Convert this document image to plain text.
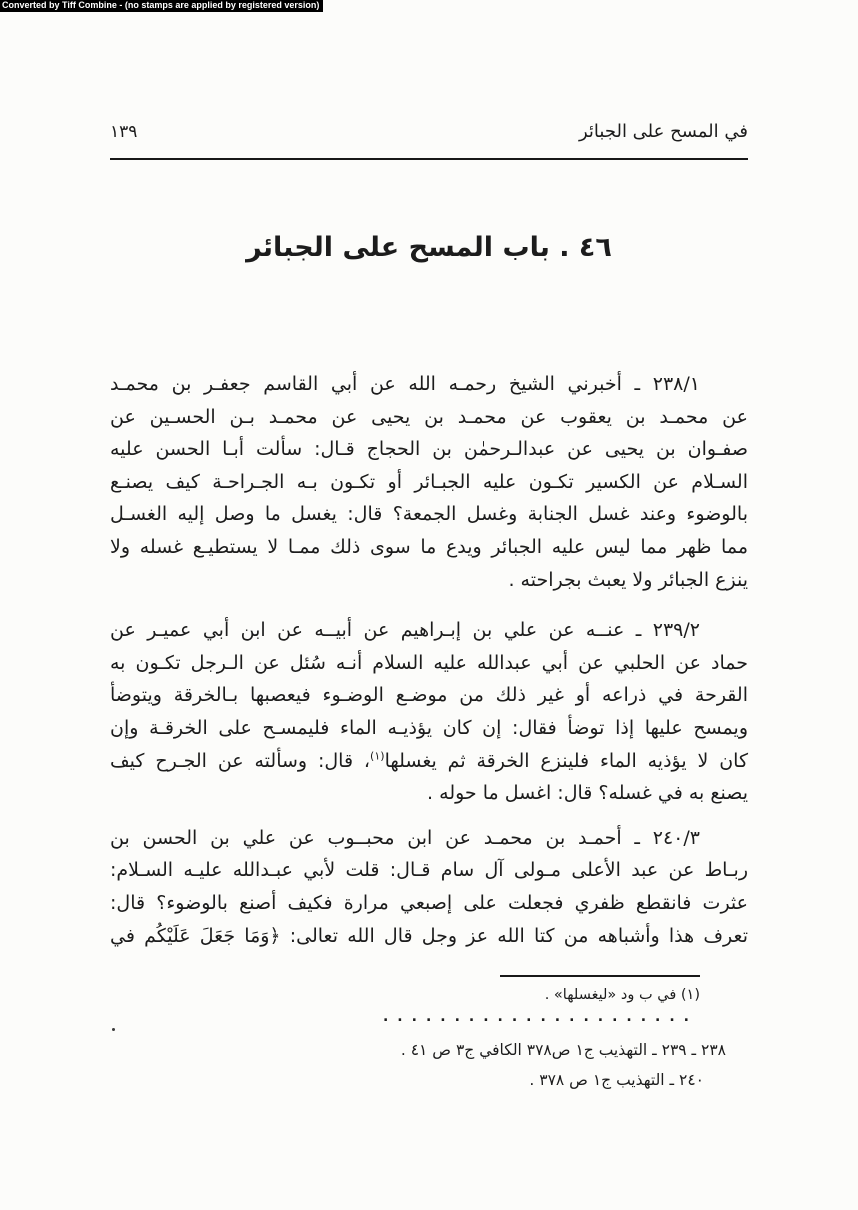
Converted by Tiff Combine - (no stamps are applied by registered version)
في المسح على الجبائر
١٣٩
٤٦ . باب المسح على الجبائر
٢٣٨/١ ـ أخبرني الشيخ رحمـه الله عن أبي القاسم جعفـر بن محمـد
عن محمـد بن يعقوب عن محمـد بن يحيى عن محمـد بـن الحسـين عن
صفـوان بن يحيى عن عبدالـرحمٰن بن الحجاج قـال: سألت أبـا الحسن عليه
السـلام عن الكسير تكـون عليه الجبـائر أو تكـون بـه الجـراحـة كيف يصنـع
بالوضوء وعند غسل الجنابة وغسل الجمعة؟ قال: يغسل ما وصل إليه الغسـل
مما ظهر مما ليس عليه الجبائر ويدع ما سوى ذلك ممـا لا يستطيـع غسله ولا
ينزع الجبائر ولا يعبث بجراحته .
٢٣٩/٢ ـ عنــه عن علي بن إبـراهيم عن أبيــه عن ابن أبي عميـر عن
حماد عن الحلبي عن أبي عبدالله عليه السلام أنـه سُئل عن الـرجل تكـون به
القرحة في ذراعه أو غير ذلك من موضـع الوضـوء فيعصبها بـالخرقة ويتوضأ
ويمسح عليها إذا توضأ فقال: إن كان يؤذيـه الماء فليمسـح على الخرقـة وإن
كان لا يؤذيه الماء فلينزع الخرقة ثم يغسلها$^{(١)}$، قال: وسألته عن الجـرح كيف
يصنع به في غسله؟ قال: اغسل ما حوله .
٢٤٠/٣ ـ أحمـد بن محمـد عن ابن محبــوب عن علي بن الحسن بن
ربـاط عن عبد الأعلى مـولى آل سام قـال: قلت لأبي عبـدالله عليـه السـلام:
عثرت فانقطع ظفري فجعلت على إصبعي مرارة فكيف أصنع بالوضوء؟ قال:
تعرف هذا وأشباهه من كتا الله عز وجل قال الله تعالى: ﴿وَمَا جَعَلَ عَلَيْكُم في
(١) في ب ود «ليغسلها» .
......................
٢٣٨ ـ ٢٣٩ ـ التهذيب ج١ ص٣٧٨ الكافي ج٣ ص ٤١ .
٢٤٠ ـ التهذيب ج١ ص ٣٧٨ .
